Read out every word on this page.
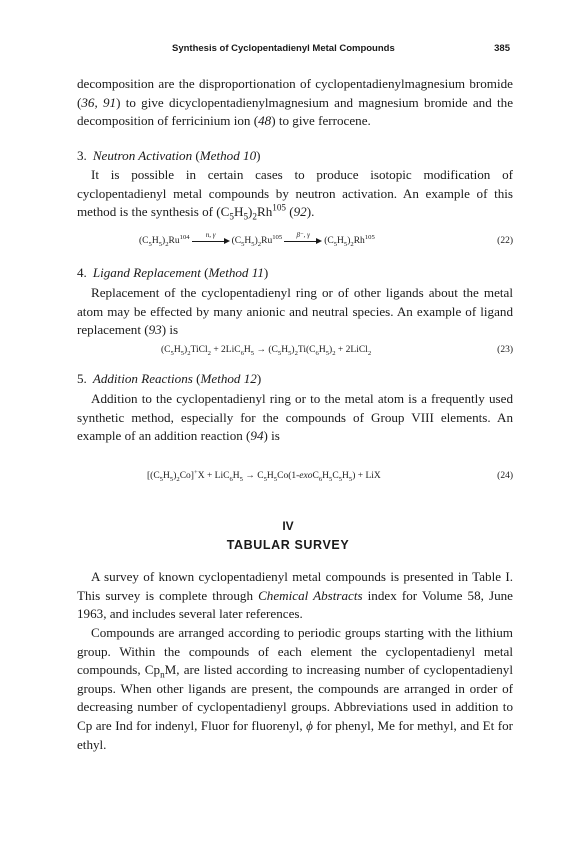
Synthesis of Cyclopentadienyl Metal Compounds	385

decomposition are the disproportionation of cyclopentadienylmagnesium bromide (36, 91) to give dicyclopentadienylmagnesium and magnesium bromide and the decomposition of ferricinium ion (48) to give ferrocene.

3. Neutron Activation (Method 10)

It is possible in certain cases to produce isotopic modification of cyclopentadienyl metal compounds by neutron activation. An example of this method is the synthesis of $(C_5H_5)_2Rh^{105}$ (92).

$(C_5H_5)_2Ru^{104}$	n, γ
$(C_5H_5)_2Ru^{105}$	β⁻, γ
$(C_5H_5)_2Rh^{105}$	(22)
4. Ligand Replacement (Method 11)

Replacement of the cyclopentadienyl ring or of other ligands about the metal atom may be effected by many anionic and neutral species. An example of ligand replacement (93) is

$(C_5H_5)_2TiCl_2 + 2LiC_6H_5 \to (C_5H_5)_2Ti(C_6H_5)_2$ + 2LiCl$_2$	(23)
5. Addition Reactions (Method 12)

Addition to the cyclopentadienyl ring or to the metal atom is a frequently used synthetic method, especially for the compounds of Group VIII elements. An example of an addition reaction (94) is

$[(C_5H_5)_2Co]^+X + LiC_6H_5$ → $C_5H_5Co(1-exoC_6H_5C_5H_5)$ + LiX	(24)
IV
TABULAR SURVEY

A survey of known cyclopentadienyl metal compounds is presented in Table I. This survey is complete through Chemical Abstracts index for Volume 58, June 1963, and includes several later references.

Compounds are arranged according to periodic groups starting with the lithium group. Within the compounds of each element the cyclopentadienyl metal compounds, $Cp_nM$, are listed according to increasing number of cyclopentadienyl groups. When other ligands are present, the compounds are arranged in order of decreasing number of cyclopentadienyl groups. Abbreviations used in addition to Cp are Ind for indenyl, Fluor for fluorenyl, ϕ for phenyl, Me for methyl, and Et for ethyl.
